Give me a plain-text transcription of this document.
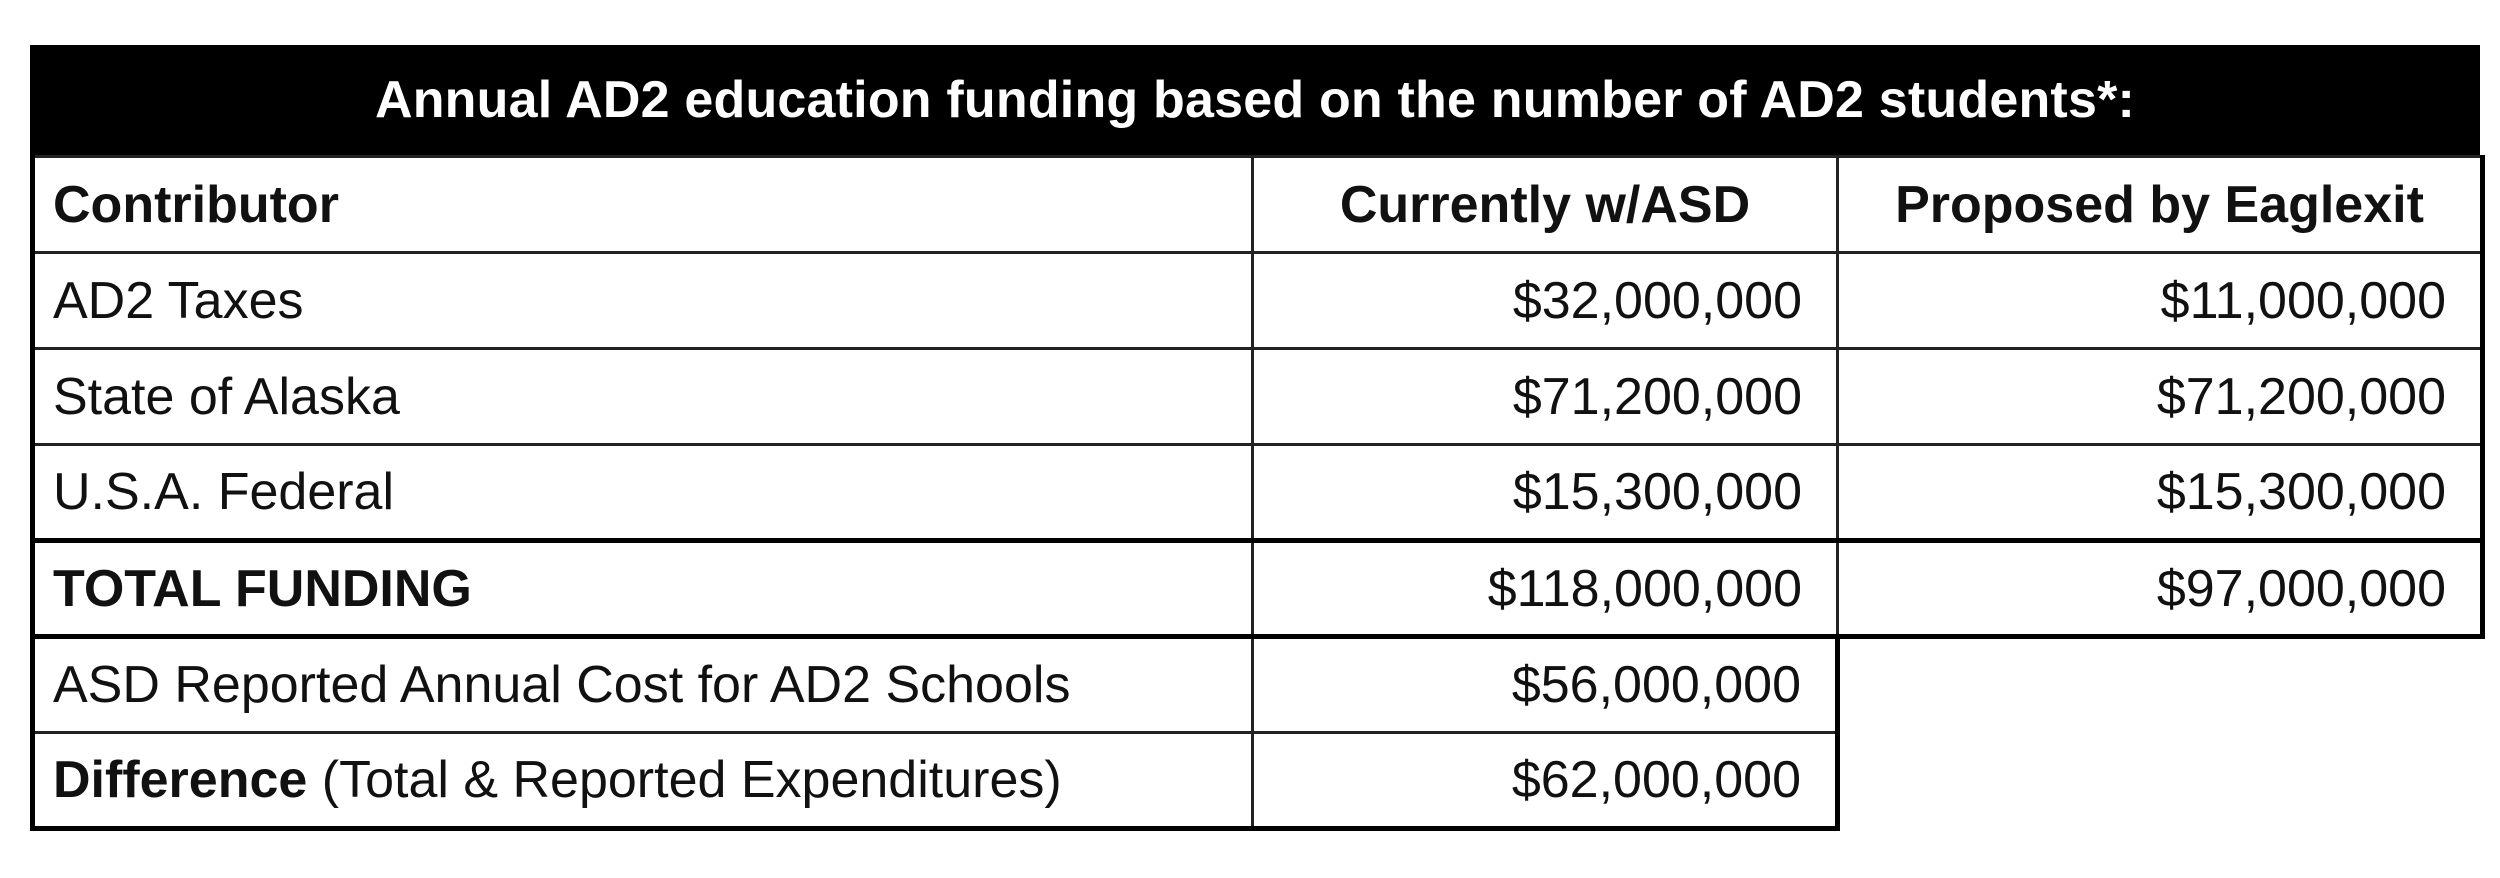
Annual AD2 education funding based on the number of AD2 students*:
Contributor	Currently w/ASD	Proposed by Eaglexit
AD2 Taxes	$32,000,000	$11,000,000
State of Alaska	$71,200,000	$71,200,000
U.S.A. Federal	$15,300,000	$15,300,000
TOTAL FUNDING	$118,000,000	$97,000,000
ASD Reported Annual Cost for AD2 Schools	$56,000,000	
Difference (Total & Reported Expenditures)	$62,000,000	
